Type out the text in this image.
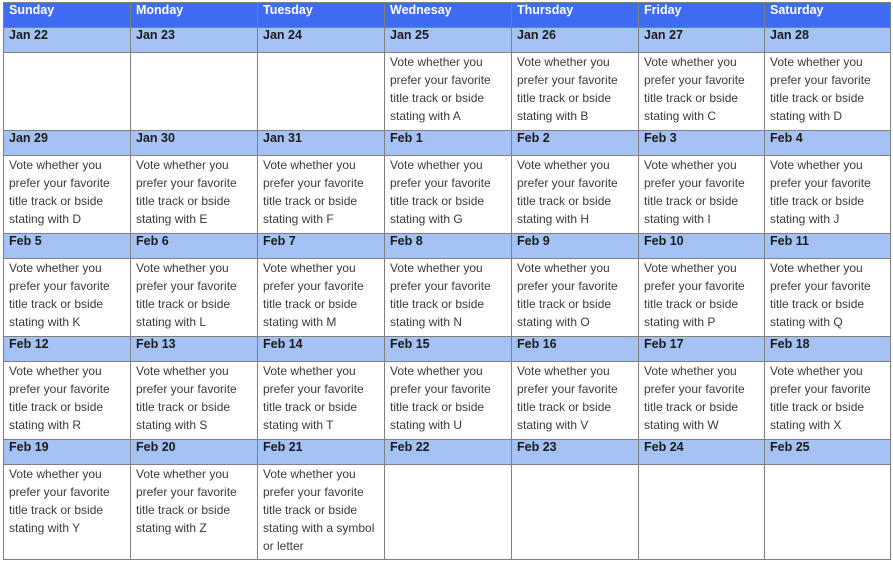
Sunday	Monday	Tuesday	Wednesay	Thursday	Friday	Saturday
Jan 22	Jan 23	Jan 24	Jan 25	Jan 26	Jan 27	Jan 28
			Vote whether you prefer your favorite title track or bside stating with A	Vote whether you prefer your favorite title track or bside stating with B	Vote whether you prefer your favorite title track or bside stating with C	Vote whether you prefer your favorite title track or bside stating with D
Jan 29	Jan 30	Jan 31	Feb 1	Feb 2	Feb 3	Feb 4
Vote whether you prefer your favorite title track or bside stating with D	Vote whether you prefer your favorite title track or bside stating with E	Vote whether you prefer your favorite title track or bside stating with F	Vote whether you prefer your favorite title track or bside stating with G	Vote whether you prefer your favorite title track or bside stating with H	Vote whether you prefer your favorite title track or bside stating with I	Vote whether you prefer your favorite title track or bside stating with J
Feb 5	Feb 6	Feb 7	Feb 8	Feb 9	Feb 10	Feb 11
Vote whether you prefer your favorite title track or bside stating with K	Vote whether you prefer your favorite title track or bside stating with L	Vote whether you prefer your favorite title track or bside stating with M	Vote whether you prefer your favorite title track or bside stating with N	Vote whether you prefer your favorite title track or bside stating with O	Vote whether you prefer your favorite title track or bside stating with P	Vote whether you prefer your favorite title track or bside stating with Q
Feb 12	Feb 13	Feb 14	Feb 15	Feb 16	Feb 17	Feb 18
Vote whether you prefer your favorite title track or bside stating with R	Vote whether you prefer your favorite title track or bside stating with S	Vote whether you prefer your favorite title track or bside stating with T	Vote whether you prefer your favorite title track or bside stating with U	Vote whether you prefer your favorite title track or bside stating with V	Vote whether you prefer your favorite title track or bside stating with W	Vote whether you prefer your favorite title track or bside stating with X
Feb 19	Feb 20	Feb 21	Feb 22	Feb 23	Feb 24	Feb 25
Vote whether you prefer your favorite title track or bside stating with Y	Vote whether you prefer your favorite title track or bside stating with Z	Vote whether you prefer your favorite title track or bside stating with a symbol or letter				
